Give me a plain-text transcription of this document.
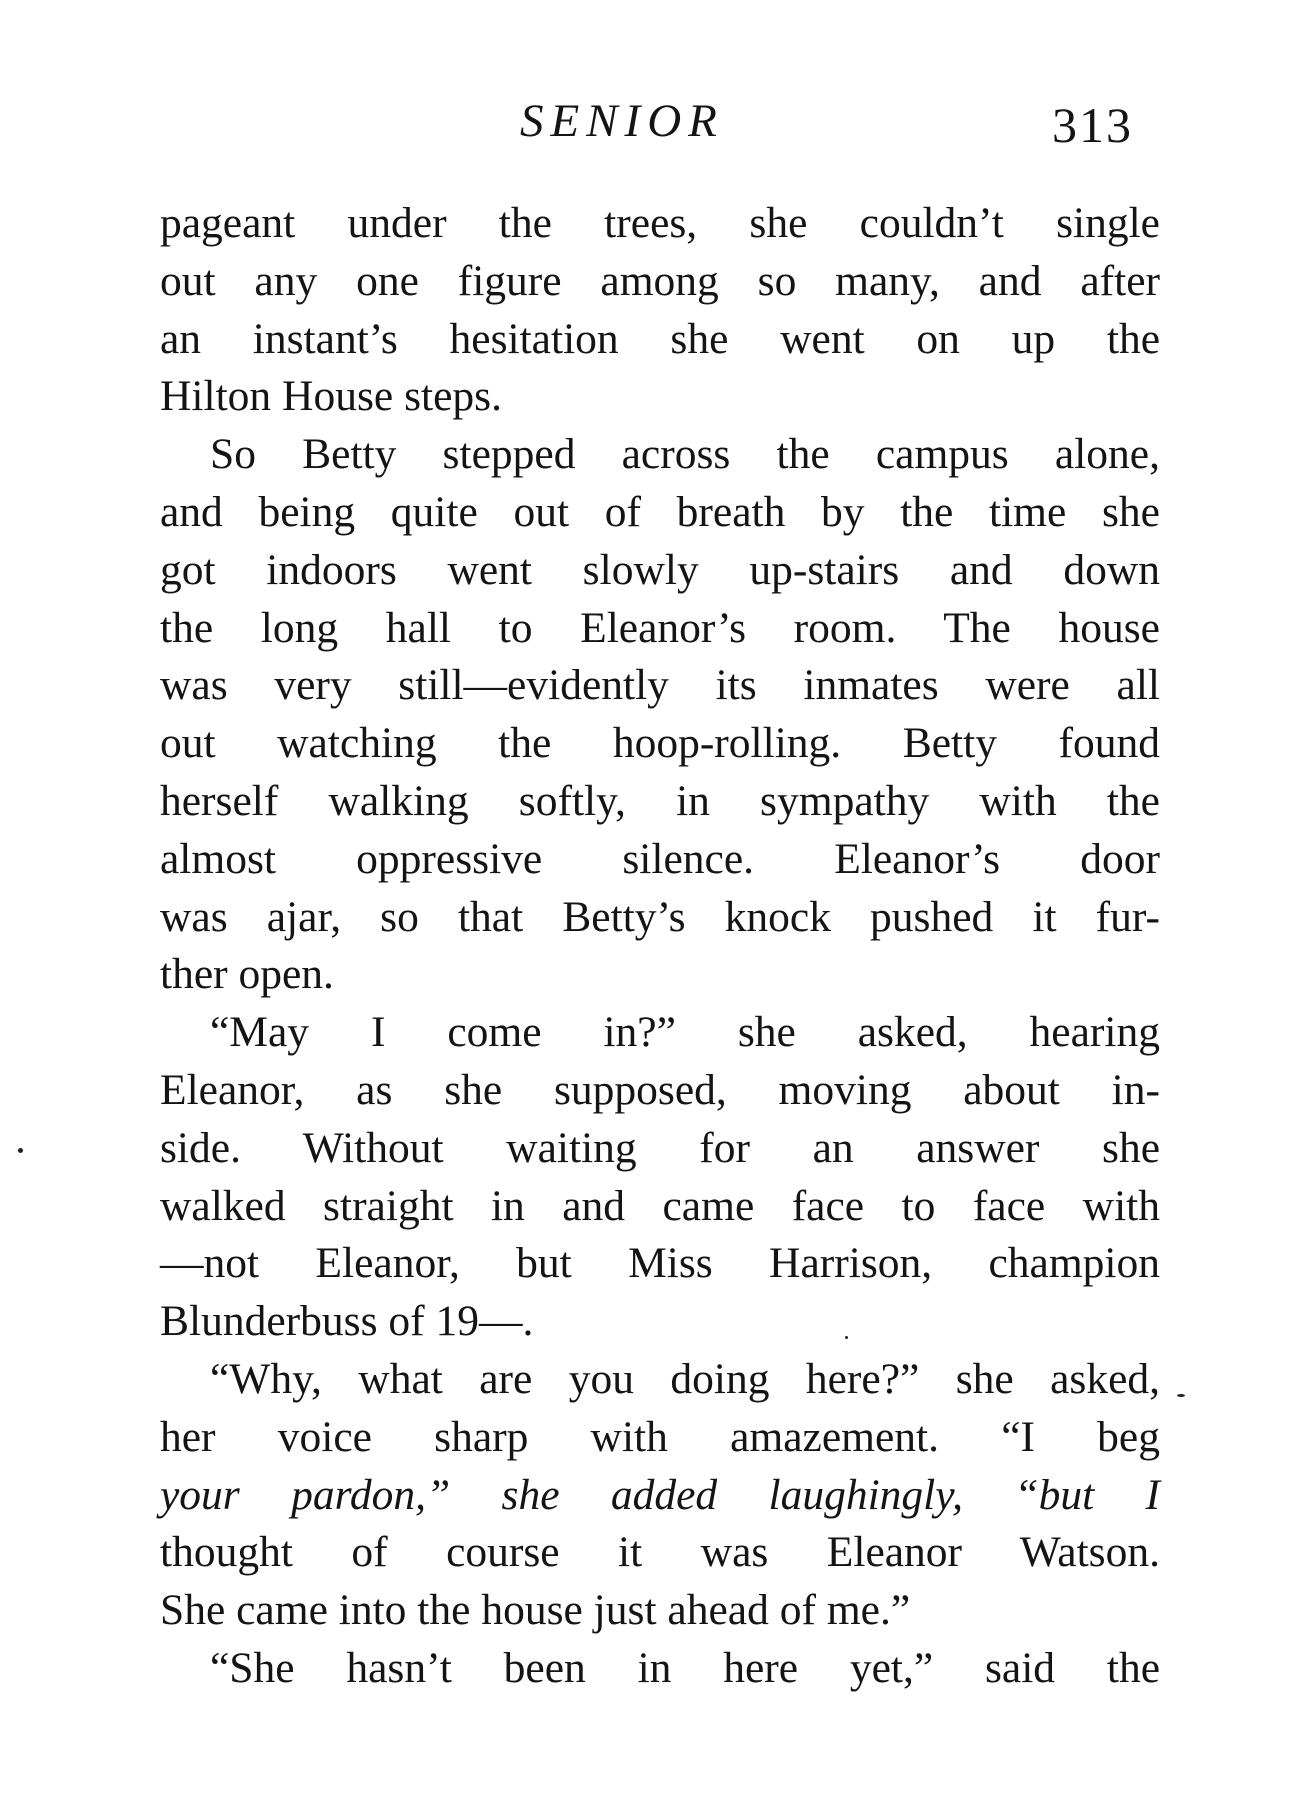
SENIOR	313
pageant under the trees, she couldn’t single
out any one figure among so many, and after
an instant’s hesitation she went on up the
Hilton House steps.
So Betty stepped across the campus alone,
and being quite out of breath by the time she
got indoors went slowly up-stairs and down
the long hall to Eleanor’s room. The house
was very still—evidently its inmates were all
out watching the hoop-rolling. Betty found
herself walking softly, in sympathy with the
almost oppressive silence. Eleanor’s door
was ajar, so that Betty’s knock pushed it fur-
ther open.
“May I come in?” she asked, hearing
Eleanor, as she supposed, moving about in-
side. Without waiting for an answer she
walked straight in and came face to face with
—not Eleanor, but Miss Harrison, champion
Blunderbuss of 19—.
“Why, what are you doing here?” she asked,
her voice sharp with amazement. “I beg
your pardon,” she added laughingly, “but I
thought of course it was Eleanor Watson.
She came into the house just ahead of me.”
“She hasn’t been in here yet,” said the
